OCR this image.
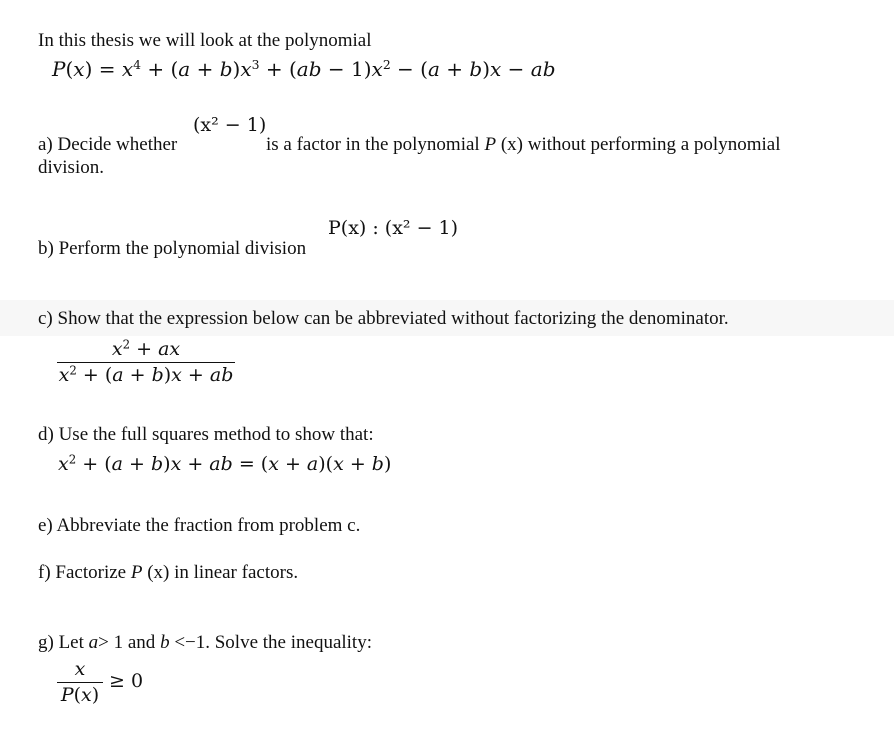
In this thesis we will look at the polynomial
$P(x) = x^4 + (a + b)x^3 + (ab - 1)x^2 - (a + b)x$ − ab
(x² − 1)
a) Decide whether	is a factor in the polynomial P (x) without performing a polynomial
division.
P(x) : (x² − 1)
b) Perform the polynomial division
c) Show that the expression below can be abbreviated without factorizing the denominator.
$\frac{x^2 + ax}{x^2 + (a + b)x + ab}$
d) Use the full squares method to show that:
$x^2 + (a + b)x$ + ab = (x + a)(x + b)
e) Abbreviate the fraction from problem c.
f) Factorize P (x) in linear factors.
g) Let a> 1 and b <−1. Solve the inequality:
$\frac{x}{P(x)} \ge 0$
